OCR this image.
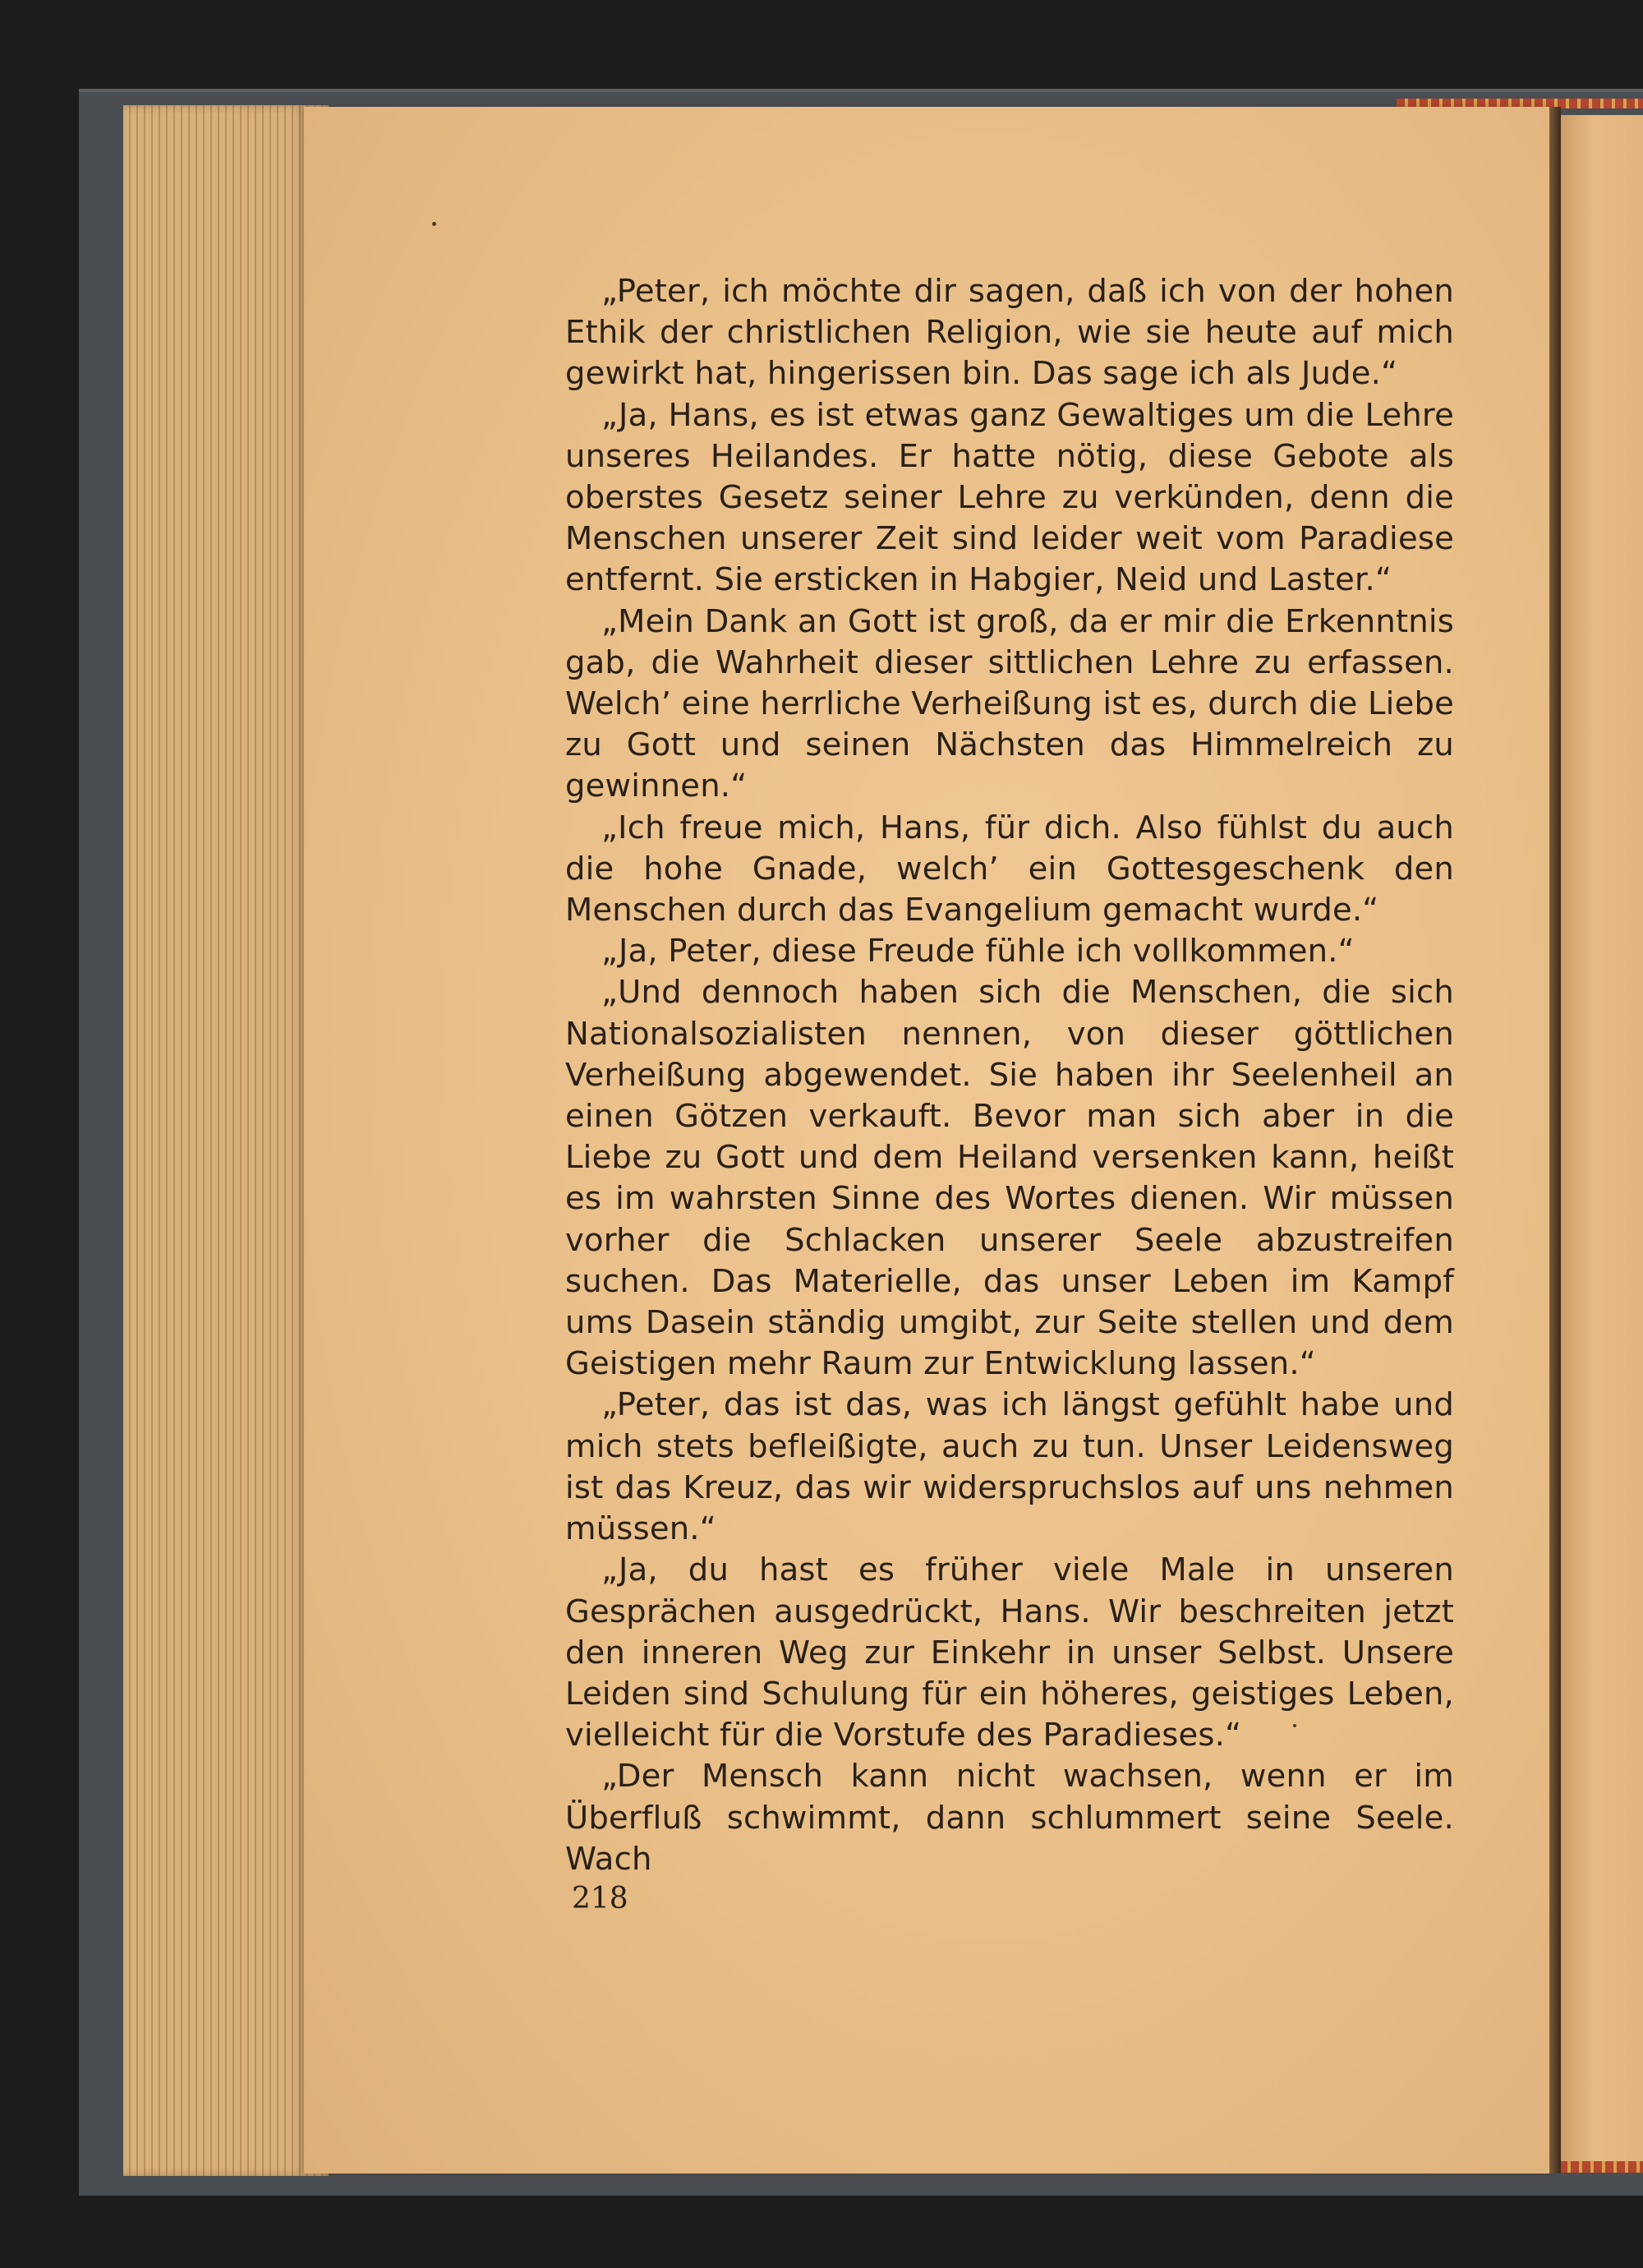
„Peter, ich möchte dir sagen, daß ich von der hohen Ethik der christlichen Religion, wie sie heute auf mich gewirkt hat, hingerissen bin. Das sage ich als Jude.“

„Ja, Hans, es ist etwas ganz Gewaltiges um die Lehre unseres Heilandes. Er hatte nötig, diese Gebote als oberstes Gesetz seiner Lehre zu verkünden, denn die Menschen unserer Zeit sind leider weit vom Paradiese entfernt. Sie ersticken in Habgier, Neid und Laster.“

„Mein Dank an Gott ist groß, da er mir die Erkenntnis gab, die Wahrheit dieser sittlichen Lehre zu erfassen. Welch’ eine herrliche Verheißung ist es, durch die Liebe zu Gott und seinen Nächsten das Himmelreich zu gewinnen.“

„Ich freue mich, Hans, für dich. Also fühlst du auch die hohe Gnade, welch’ ein Gottesgeschenk den Menschen durch das Evangelium gemacht wurde.“

„Ja, Peter, diese Freude fühle ich vollkommen.“

„Und dennoch haben sich die Menschen, die sich Nationalsozialisten nennen, von dieser göttlichen Verheißung abgewendet. Sie haben ihr Seelenheil an einen Götzen verkauft. Bevor man sich aber in die Liebe zu Gott und dem Heiland versenken kann, heißt es im wahrsten Sinne des Wortes dienen. Wir müssen vorher die Schlacken unserer Seele abzustreifen suchen. Das Materielle, das unser Leben im Kampf ums Dasein ständig umgibt, zur Seite stellen und dem Geistigen mehr Raum zur Entwicklung lassen.“

„Peter, das ist das, was ich längst gefühlt habe und mich stets befleißigte, auch zu tun. Unser Leidensweg ist das Kreuz, das wir widerspruchslos auf uns nehmen müssen.“

„Ja, du hast es früher viele Male in unseren Gesprächen ausgedrückt, Hans. Wir beschreiten jetzt den inneren Weg zur Einkehr in unser Selbst. Unsere Leiden sind Schulung für ein höheres, geistiges Leben, vielleicht für die Vorstufe des Paradieses.“

„Der Mensch kann nicht wachsen, wenn er im Überfluß schwimmt, dann schlummert seine Seele. Wach

218
